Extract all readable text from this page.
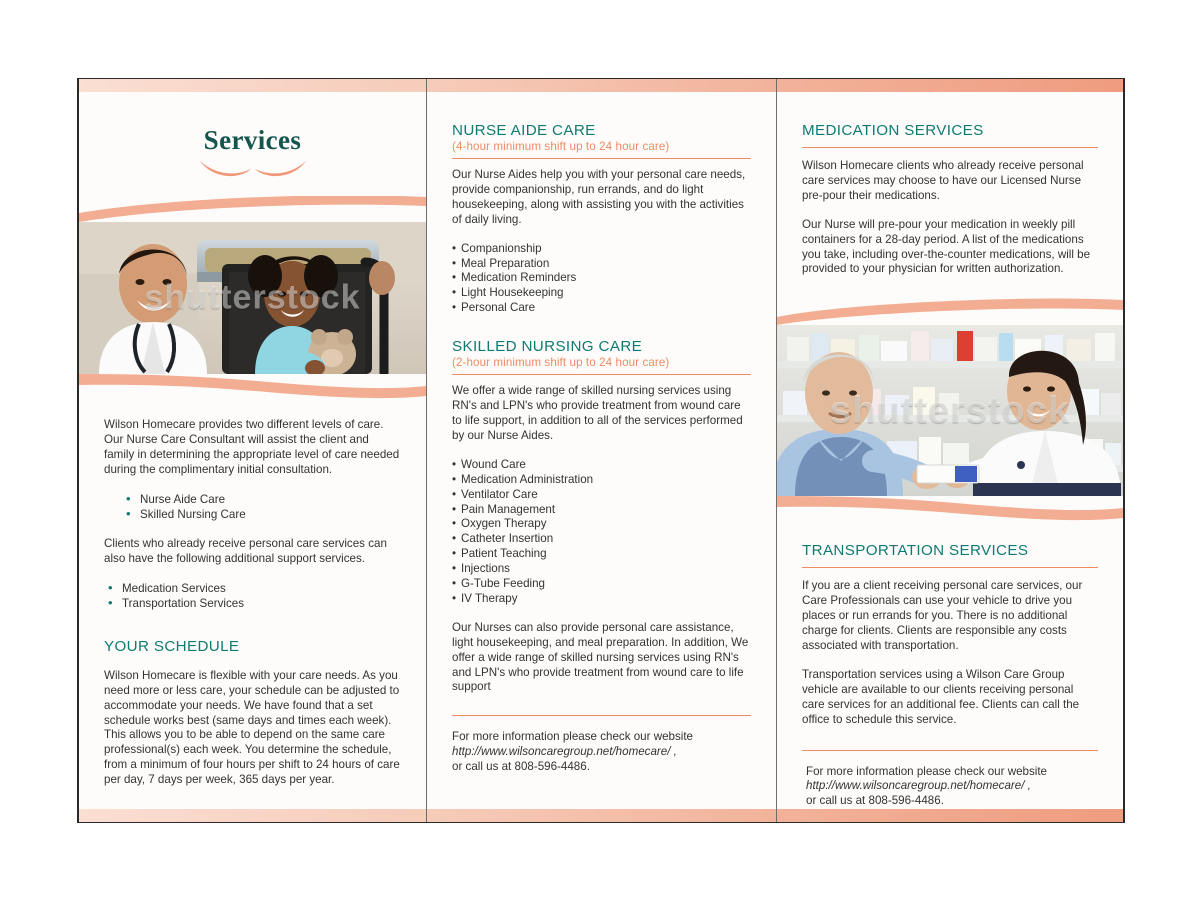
Services
shutterstock
Wilson Homecare provides two different levels of care. Our Nurse Care Consultant will assist the client and family in determining the appropriate level of care needed during the complimentary initial consultation.
• Nurse Aide Care
• Skilled Nursing Care
Clients who already receive personal care services can also have the following additional support services.
• Medication Services
• Transportation Services
YOUR SCHEDULE
Wilson Homecare is flexible with your care needs. As you need more or less care, your schedule can be adjusted to accommodate your needs. We have found that a set schedule works best (same days and times each week). This allows you to be able to depend on the same care professional(s) each week. You determine the schedule, from a minimum of four hours per shift to 24 hours of care per day, 7 days per week, 365 days per year.
NURSE AIDE CARE
(4-hour minimum shift up to 24 hour care)
Our Nurse Aides help you with your personal care needs, provide companionship, run errands, and do light housekeeping, along with assisting you with the activities of daily living.
• Companionship
• Meal Preparation
• Medication Reminders
• Light Housekeeping
• Personal Care
SKILLED NURSING CARE
(2-hour minimum shift up to 24 hour care)
We offer a wide range of skilled nursing services using RN's and LPN's who provide treatment from wound care to life support, in addition to all of the services performed by our Nurse Aides.
• Wound Care
• Medication Administration
• Ventilator Care
• Pain Management
• Oxygen Therapy
• Catheter Insertion
• Patient Teaching
• Injections
• G-Tube Feeding
• IV Therapy
Our Nurses can also provide personal care assistance, light housekeeping, and meal preparation. In addition, We offer a wide range of skilled nursing services using RN's and LPN's who provide treatment from wound care to life support
For more information please check our website
http://www.wilsoncaregroup.net/homecare/ ,
or call us at 808-596-4486.
MEDICATION SERVICES
Wilson Homecare clients who already receive personal care services may choose to have our Licensed Nurse pre-pour their medications.
Our Nurse will pre-pour your medication in weekly pill containers for a 28-day period. A list of the medications you take, including over-the-counter medications, will be provided to your physician for written authorization.
shutterstock
TRANSPORTATION SERVICES
If you are a client receiving personal care services, our Care Professionals can use your vehicle to drive you places or run errands for you. There is no additional charge for clients. Clients are responsible any costs associated with transportation.
Transportation services using a Wilson Care Group vehicle are available to our clients receiving personal care services for an additional fee. Clients can call the office to schedule this service.
For more information please check our website
http://www.wilsoncaregroup.net/homecare/ ,
or call us at 808-596-4486.
